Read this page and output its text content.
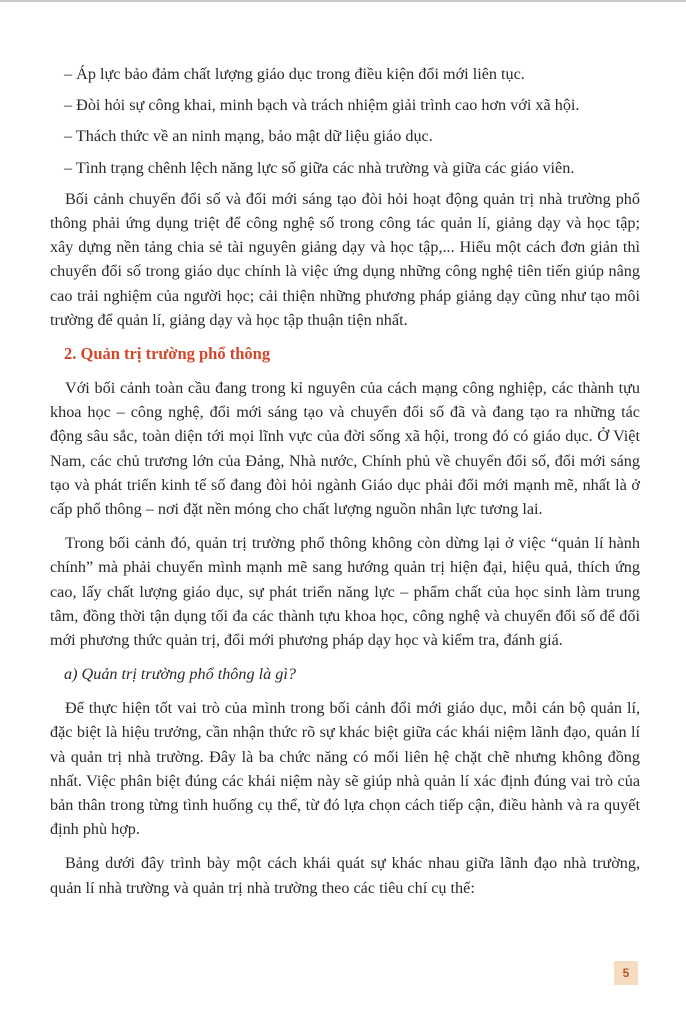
– Áp lực bảo đảm chất lượng giáo dục trong điều kiện đổi mới liên tục.

– Đòi hỏi sự công khai, minh bạch và trách nhiệm giải trình cao hơn với xã hội.

– Thách thức về an ninh mạng, bảo mật dữ liệu giáo dục.

– Tình trạng chênh lệch năng lực số giữa các nhà trường và giữa các giáo viên.

Bối cảnh chuyển đổi số và đổi mới sáng tạo đòi hỏi hoạt động quản trị nhà trường phổ thông phải ứng dụng triệt để công nghệ số trong công tác quản lí, giảng dạy và học tập; xây dựng nền tảng chia sẻ tài nguyên giảng dạy và học tập,... Hiểu một cách đơn giản thì chuyển đổi số trong giáo dục chính là việc ứng dụng những công nghệ tiên tiến giúp nâng cao trải nghiệm của người học; cải thiện những phương pháp giảng dạy cũng như tạo môi trường để quản lí, giảng dạy và học tập thuận tiện nhất.

2. Quản trị trường phổ thông

Với bối cảnh toàn cầu đang trong kỉ nguyên của cách mạng công nghiệp, các thành tựu khoa học – công nghệ, đổi mới sáng tạo và chuyển đổi số đã và đang tạo ra những tác động sâu sắc, toàn diện tới mọi lĩnh vực của đời sống xã hội, trong đó có giáo dục. Ở Việt Nam, các chủ trương lớn của Đảng, Nhà nước, Chính phủ về chuyển đổi số, đổi mới sáng tạo và phát triển kinh tế số đang đòi hỏi ngành Giáo dục phải đổi mới mạnh mẽ, nhất là ở cấp phổ thông – nơi đặt nền móng cho chất lượng nguồn nhân lực tương lai.

Trong bối cảnh đó, quản trị trường phổ thông không còn dừng lại ở việc “quản lí hành chính” mà phải chuyển mình mạnh mẽ sang hướng quản trị hiện đại, hiệu quả, thích ứng cao, lấy chất lượng giáo dục, sự phát triển năng lực – phẩm chất của học sinh làm trung tâm, đồng thời tận dụng tối đa các thành tựu khoa học, công nghệ và chuyển đổi số để đổi mới phương thức quản trị, đổi mới phương pháp dạy học và kiểm tra, đánh giá.

a) Quản trị trường phổ thông là gì?

Để thực hiện tốt vai trò của mình trong bối cảnh đổi mới giáo dục, mỗi cán bộ quản lí, đặc biệt là hiệu trưởng, cần nhận thức rõ sự khác biệt giữa các khái niệm lãnh đạo, quản lí và quản trị nhà trường. Đây là ba chức năng có mối liên hệ chặt chẽ nhưng không đồng nhất. Việc phân biệt đúng các khái niệm này sẽ giúp nhà quản lí xác định đúng vai trò của bản thân trong từng tình huống cụ thể, từ đó lựa chọn cách tiếp cận, điều hành và ra quyết định phù hợp.

Bảng dưới đây trình bày một cách khái quát sự khác nhau giữa lãnh đạo nhà trường, quản lí nhà trường và quản trị nhà trường theo các tiêu chí cụ thể:

5
